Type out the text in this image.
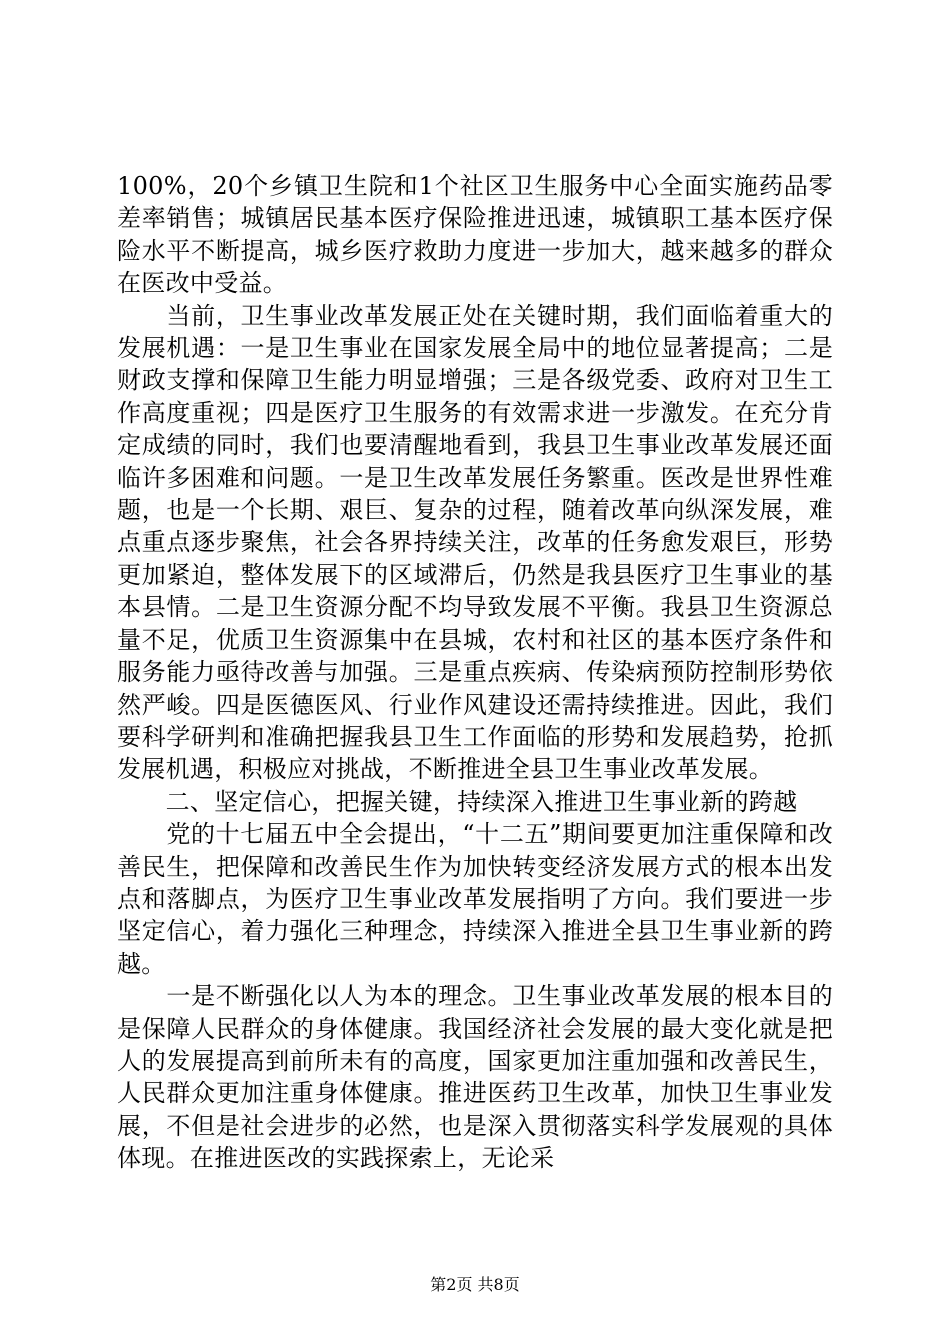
100%，20个乡镇卫生院和1个社区卫生服务中心全面实施药品零差率销售；城镇居民基本医疗保险推进迅速，城镇职工基本医疗保险水平不断提高，城乡医疗救助力度进一步加大，越来越多的群众在医改中受益。

　　当前，卫生事业改革发展正处在关键时期，我们面临着重大的发展机遇：一是卫生事业在国家发展全局中的地位显著提高；二是财政支撑和保障卫生能力明显增强；三是各级党委、政府对卫生工作高度重视；四是医疗卫生服务的有效需求进一步激发。在充分肯定成绩的同时，我们也要清醒地看到，我县卫生事业改革发展还面临许多困难和问题。一是卫生改革发展任务繁重。医改是世界性难题，也是一个长期、艰巨、复杂的过程，随着改革向纵深发展，难点重点逐步聚焦，社会各界持续关注，改革的任务愈发艰巨，形势更加紧迫，整体发展下的区域滞后，仍然是我县医疗卫生事业的基本县情。二是卫生资源分配不均导致发展不平衡。我县卫生资源总量不足，优质卫生资源集中在县城，农村和社区的基本医疗条件和服务能力亟待改善与加强。三是重点疾病、传染病预防控制形势依然严峻。四是医德医风、行业作风建设还需持续推进。因此，我们要科学研判和准确把握我县卫生工作面临的形势和发展趋势，抢抓发展机遇，积极应对挑战，不断推进全县卫生事业改革发展。

　　二、坚定信心，把握关键，持续深入推进卫生事业新的跨越

　　党的十七届五中全会提出，“十二五”期间要更加注重保障和改善民生，把保障和改善民生作为加快转变经济发展方式的根本出发点和落脚点，为医疗卫生事业改革发展指明了方向。我们要进一步坚定信心，着力强化三种理念，持续深入推进全县卫生事业新的跨越。

　　一是不断强化以人为本的理念。卫生事业改革发展的根本目的是保障人民群众的身体健康。我国经济社会发展的最大变化就是把人的发展提高到前所未有的高度，国家更加注重加强和改善民生，人民群众更加注重身体健康。推进医药卫生改革，加快卫生事业发展，不但是社会进步的必然，也是深入贯彻落实科学发展观的具体体现。在推进医改的实践探索上，无论采

第2页 共8页
